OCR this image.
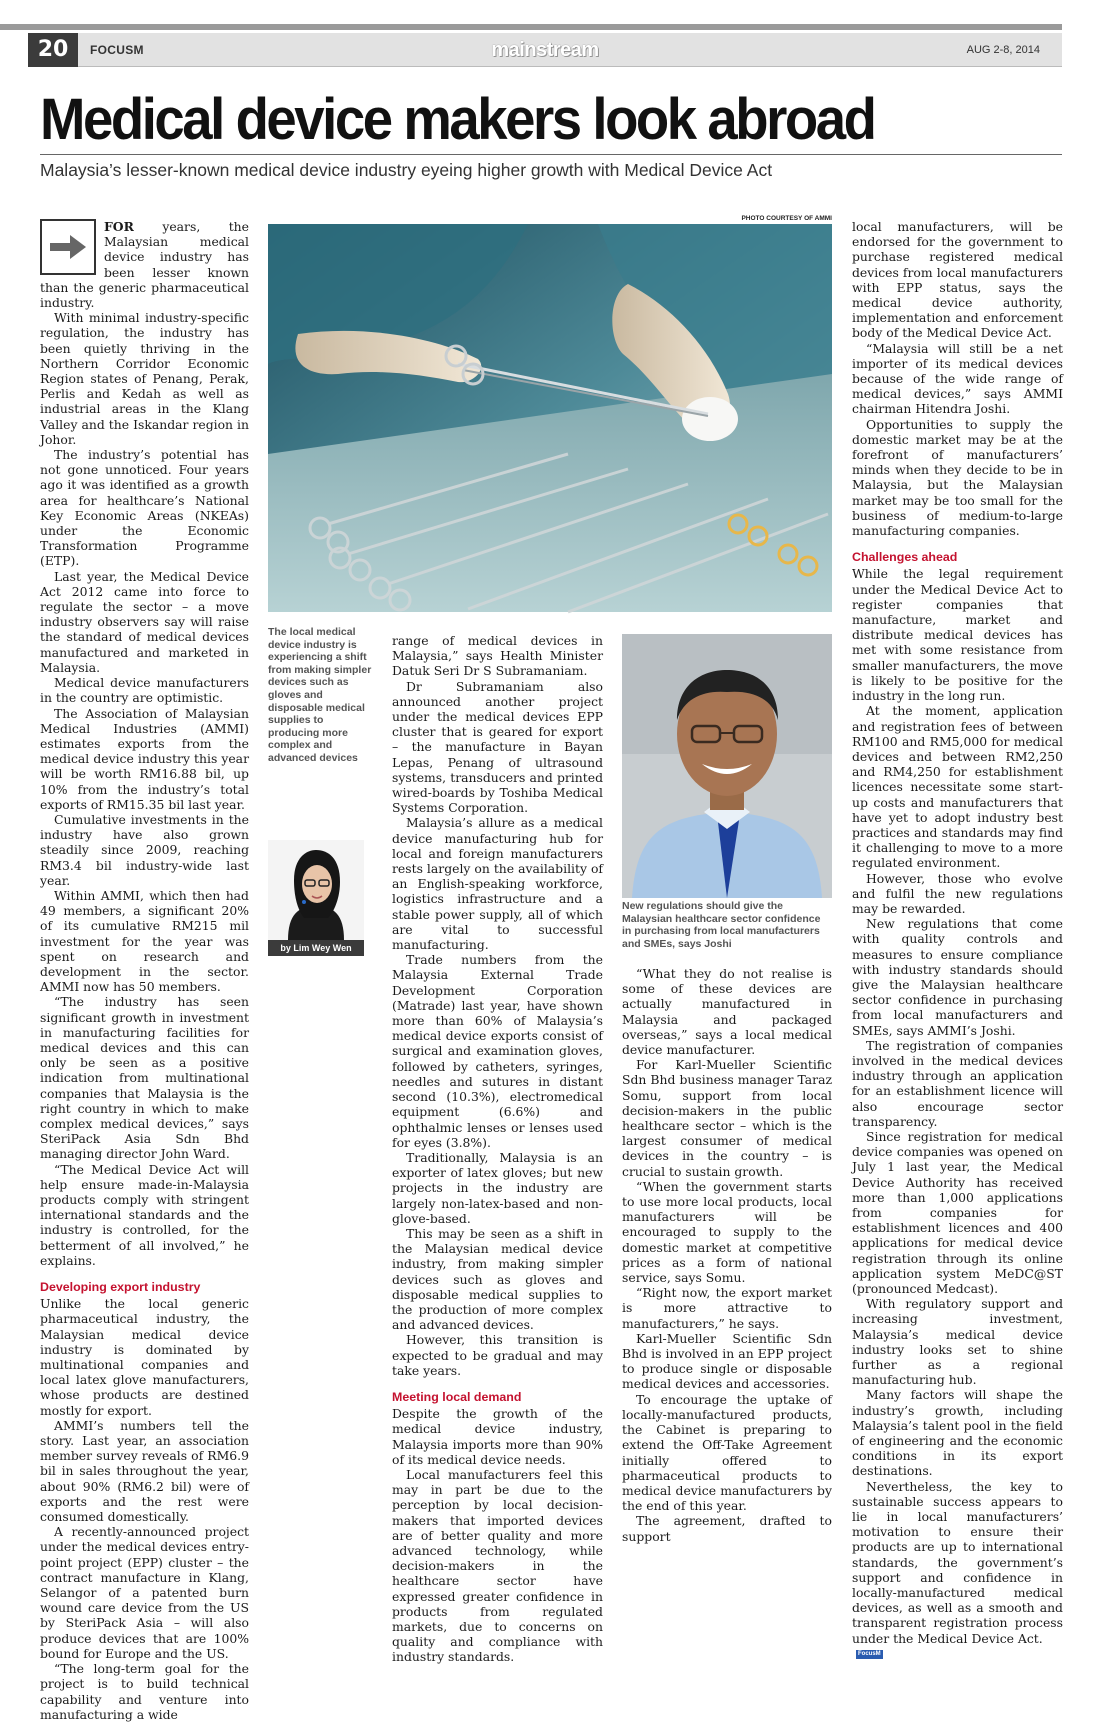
20	FOCUSM	mainstream	AUG 2-8, 2014
Medical device makers look abroad
Malaysia’s lesser-known medical device industry eyeing higher growth with Medical Device Act

FOR years, the Malaysian medical device industry has been lesser known than the generic pharmaceutical industry.

With minimal industry-specific regulation, the industry has been quietly thriving in the Northern Corridor Economic Region states of Penang, Perak, Perlis and Kedah as well as industrial areas in the Klang Valley and the Iskandar region in Johor.

The industry’s potential has not gone unnoticed. Four years ago it was identified as a growth area for healthcare’s National Key Economic Areas (NKEAs) under the Economic Transformation Programme (ETP).

Last year, the Medical Device Act 2012 came into force to regulate the sector – a move industry observers say will raise the standard of medical devices manufactured and marketed in Malaysia.

Medical device manufacturers in the country are optimistic.

The Association of Malaysian Medical Industries (AMMI) estimates exports from the medical device industry this year will be worth RM16.88 bil, up 10% from the industry’s total exports of RM15.35 bil last year.

Cumulative investments in the industry have also grown steadily since 2009, reaching RM3.4 bil industry-wide last year.

Within AMMI, which then had 49 members, a significant 20% of its cumulative RM215 mil investment for the year was spent on research and development in the sector. AMMI now has 50 members.

“The industry has seen significant growth in investment in manufacturing facilities for medical devices and this can only be seen as a positive indication from multinational companies that Malaysia is the right country in which to make complex medical devices,” says SteriPack Asia Sdn Bhd managing director John Ward.

“The Medical Device Act will help ensure made-in-Malaysia products comply with stringent international standards and the industry is controlled, for the betterment of all involved,” he explains.

Developing export industry

Unlike the local generic pharmaceutical industry, the Malaysian medical device industry is dominated by multinational companies and local latex glove manufacturers, whose products are destined mostly for export.

AMMI’s numbers tell the story. Last year, an association member survey reveals of RM6.9 bil in sales throughout the year, about 90% (RM6.2 bil) were of exports and the rest were consumed domestically.

A recently-announced project under the medical devices entry-point project (EPP) cluster – the contract manufacture in Klang, Selangor of a patented burn wound care device from the US by SteriPack Asia – will also produce devices that are 100% bound for Europe and the US.

“The long-term goal for the project is to build technical capability and venture into manufacturing a wide

PHOTO COURTESY OF AMMI
The local medical device industry is experiencing a shift from making simpler devices such as gloves and disposable medical supplies to producing more complex and advanced devices
by Lim Wey Wen

range of medical devices in Malaysia,” says Health Minister Datuk Seri Dr S Subramaniam.

Dr Subramaniam also announced another project under the medical devices EPP cluster that is geared for export – the manufacture in Bayan Lepas, Penang of ultrasound systems, transducers and printed wired-boards by Toshiba Medical Systems Corporation.

Malaysia’s allure as a medical device manufacturing hub for local and foreign manufacturers rests largely on the availability of an English-speaking workforce, logistics infrastructure and a stable power supply, all of which are vital to successful manufacturing.

Trade numbers from the Malaysia External Trade Development Corporation (Matrade) last year, have shown more than 60% of Malaysia’s medical device exports consist of surgical and examination gloves, followed by catheters, syringes, needles and sutures in distant second (10.3%), electromedical equipment (6.6%) and ophthalmic lenses or lenses used for eyes (3.8%).

Traditionally, Malaysia is an exporter of latex gloves; but new projects in the industry are largely non-latex-based and non-glove-based.

This may be seen as a shift in the Malaysian medical device industry, from making simpler devices such as gloves and disposable medical supplies to the production of more complex and advanced devices.

However, this transition is expected to be gradual and may take years.

Meeting local demand

Despite the growth of the medical device industry, Malaysia imports more than 90% of its medical device needs.

Local manufacturers feel this may in part be due to the perception by local decision-makers that imported devices are of better quality and more advanced technology, while decision-makers in the healthcare sector have expressed greater confidence in products from regulated markets, due to concerns on quality and compliance with industry standards.

New regulations should give the Malaysian healthcare sector confidence in purchasing from local manufacturers and SMEs, says Joshi

“What they do not realise is some of these devices are actually manufactured in Malaysia and packaged overseas,” says a local medical device manufacturer.

For Karl-Mueller Scientific Sdn Bhd business manager Taraz Somu, support from local decision-makers in the public healthcare sector – which is the largest consumer of medical devices in the country – is crucial to sustain growth.

“When the government starts to use more local products, local manufacturers will be encouraged to supply to the domestic market at competitive prices as a form of national service, says Somu.

“Right now, the export market is more attractive to manufacturers,” he says.

Karl-Mueller Scientific Sdn Bhd is involved in an EPP project to produce single or disposable medical devices and accessories.

To encourage the uptake of locally-manufactured products, the Cabinet is preparing to extend the Off-Take Agreement initially offered to pharmaceutical products to medical device manufacturers by the end of this year.

The agreement, drafted to support

local manufacturers, will be endorsed for the government to purchase registered medical devices from local manufacturers with EPP status, says the medical device authority, implementation and enforcement body of the Medical Device Act.

“Malaysia will still be a net importer of its medical devices because of the wide range of medical devices,” says AMMI chairman Hitendra Joshi.

Opportunities to supply the domestic market may be at the forefront of manufacturers’ minds when they decide to be in Malaysia, but the Malaysian market may be too small for the business of medium-to-large manufacturing companies.

Challenges ahead

While the legal requirement under the Medical Device Act to register companies that manufacture, market and distribute medical devices has met with some resistance from smaller manufacturers, the move is likely to be positive for the industry in the long run.

At the moment, application and registration fees of between RM100 and RM5,000 for medical devices and between RM2,250 and RM4,250 for establishment licences necessitate some start-up costs and manufacturers that have yet to adopt industry best practices and standards may find it challenging to move to a more regulated environment.

However, those who evolve and fulfil the new regulations may be rewarded.

New regulations that come with quality controls and measures to ensure compliance with industry standards should give the Malaysian healthcare sector confidence in purchasing from local manufacturers and SMEs, says AMMI’s Joshi.

The registration of companies involved in the medical devices industry through an application for an establishment licence will also encourage sector transparency.

Since registration for medical device companies was opened on July 1 last year, the Medical Device Authority has received more than 1,000 applications from companies for establishment licences and 400 applications for medical device registration through its online application system MeDC@ST (pronounced Medcast).

With regulatory support and increasing investment, Malaysia’s medical device industry looks set to shine further as a regional manufacturing hub.

Many factors will shape the industry’s growth, including Malaysia’s talent pool in the field of engineering and the economic conditions in its export destinations.

Nevertheless, the key to sustainable success appears to lie in local manufacturers’ motivation to ensure their products are up to international standards, the government’s support and confidence in locally-manufactured medical devices, as well as a smooth and transparent registration process under the Medical Device Act.

FocusM
